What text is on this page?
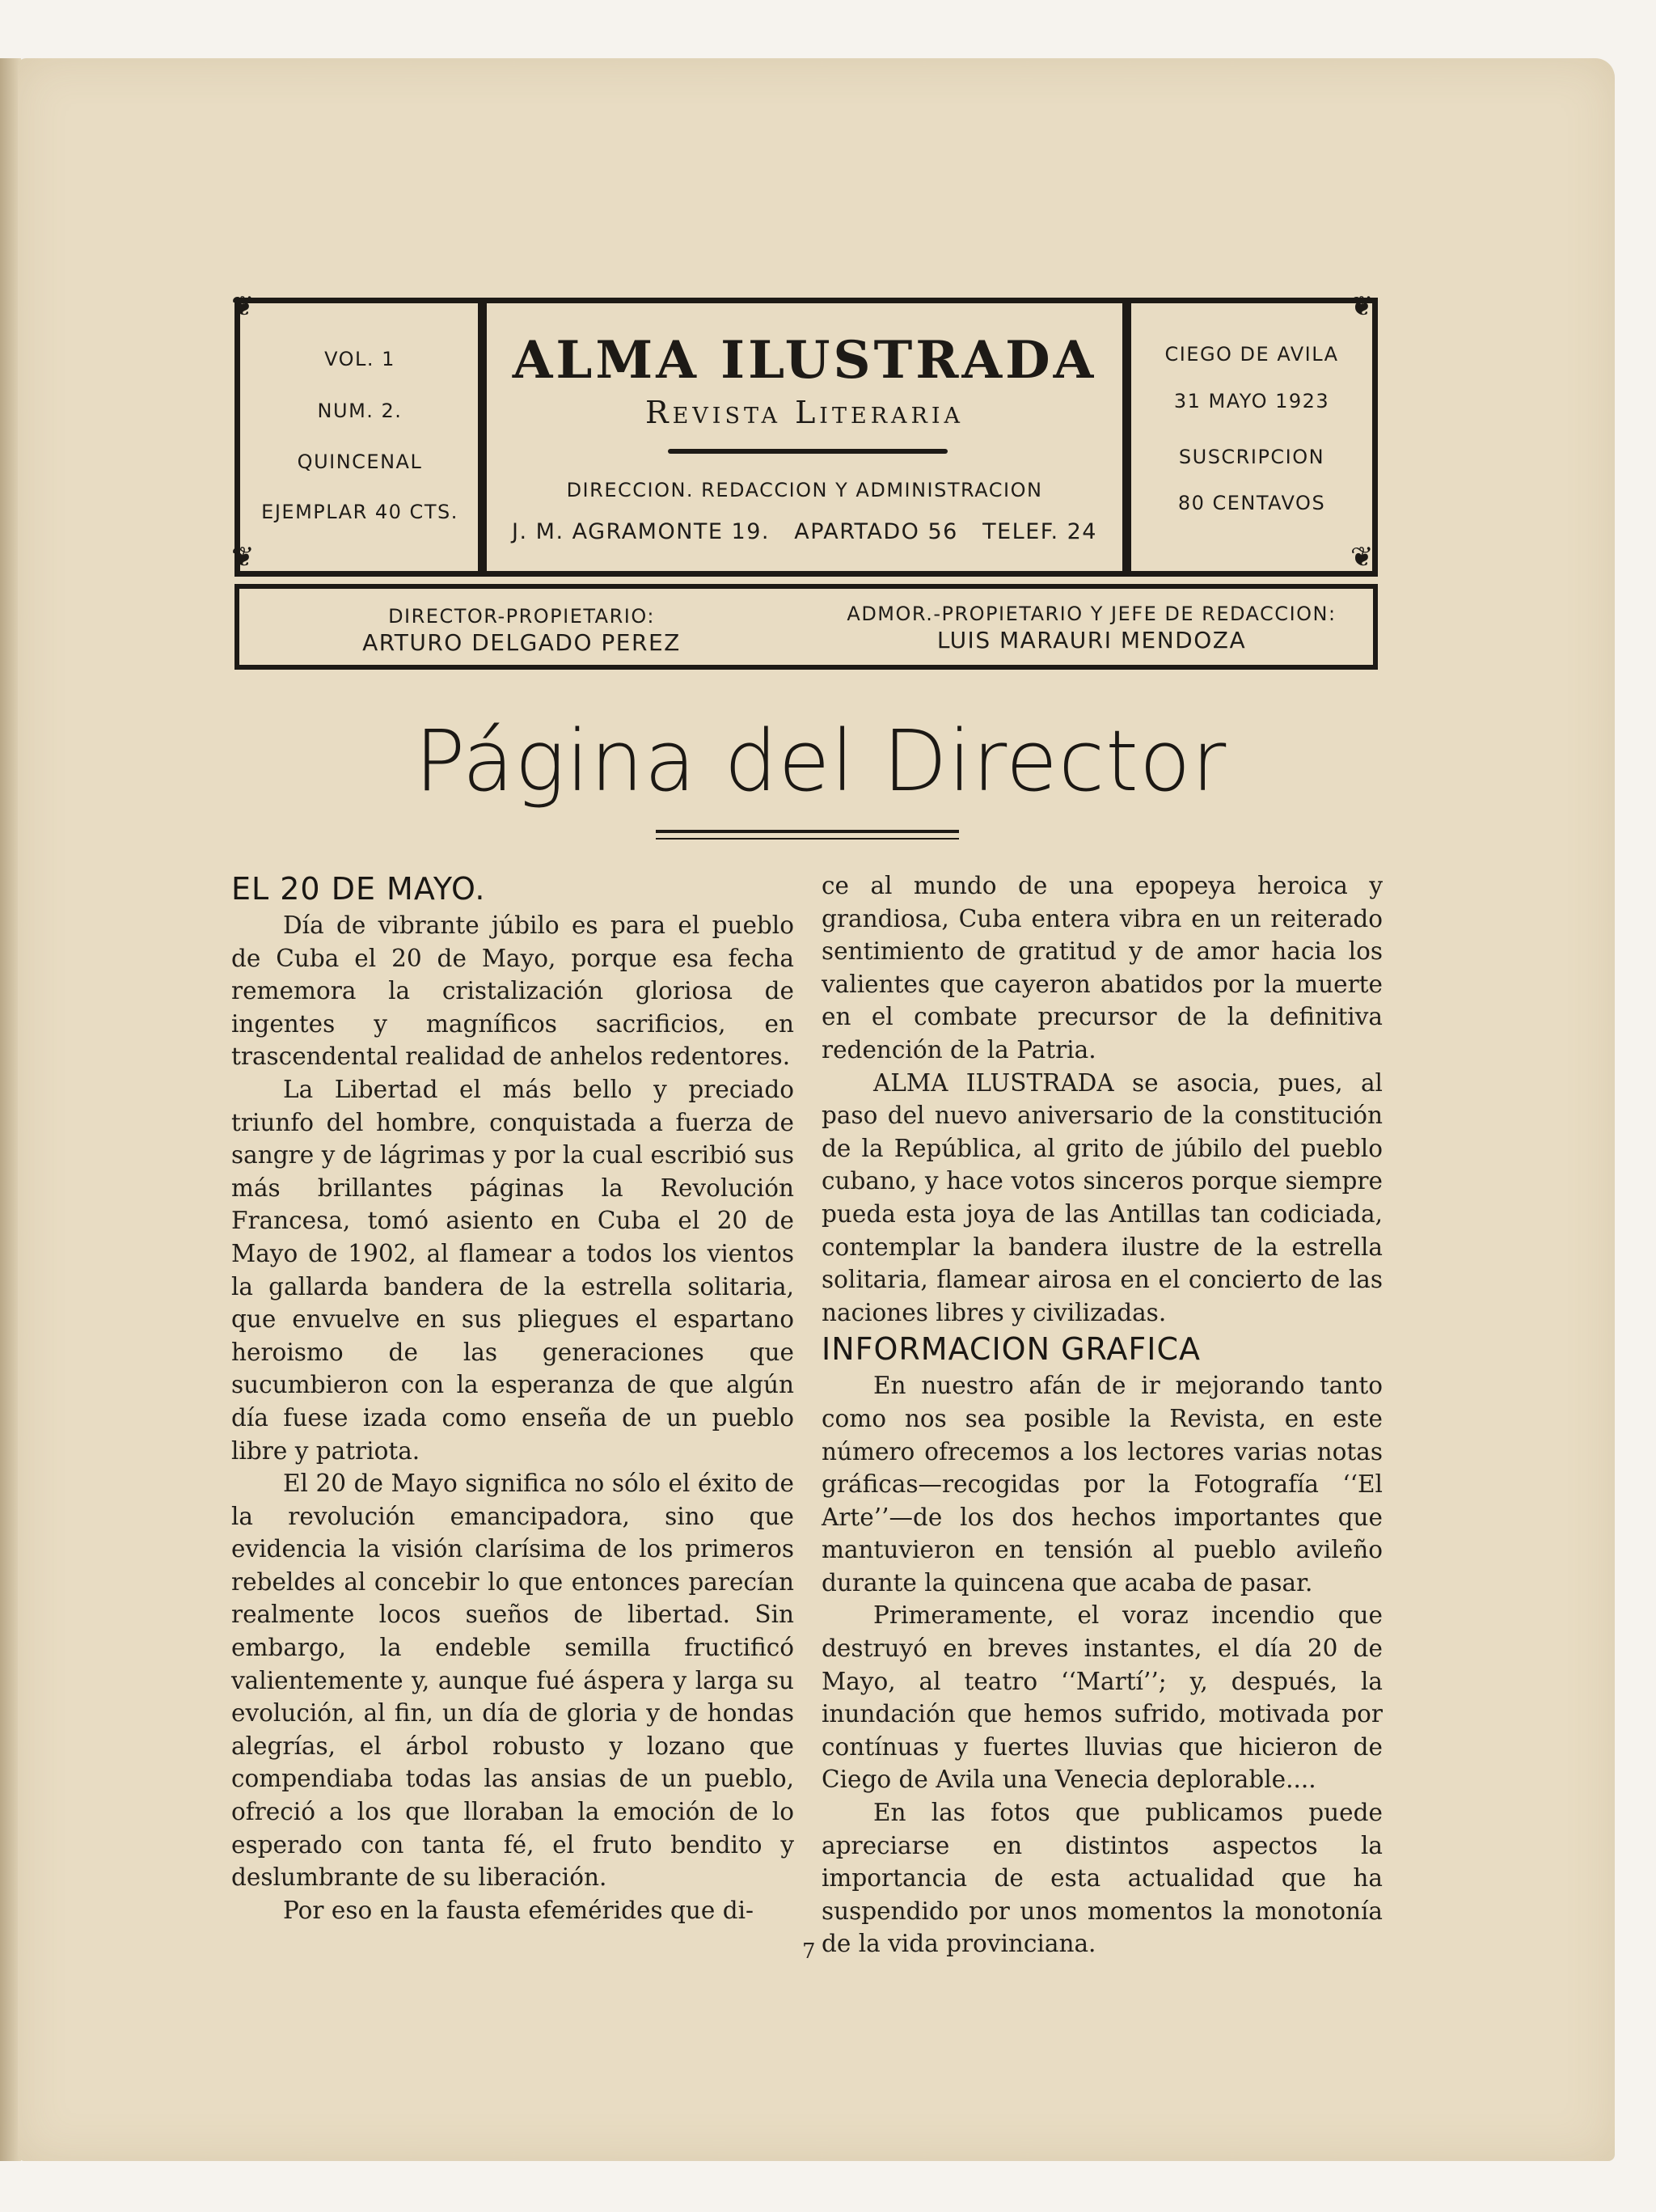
❦	❦
❦	❦
VOL. 1
NUM. 2.
QUINCENAL
EJEMPLAR 40 CTS.
ALMA ILUSTRADA
Revista Literaria
DIRECCION. REDACCION Y ADMINISTRACION
J. M. AGRAMONTE 19.   APARTADO 56   TELEF. 24
CIEGO DE AVILA
31 MAYO 1923
SUSCRIPCION
80 CENTAVOS
DIRECTOR-PROPIETARIO:
ARTURO DELGADO PEREZ
ADMOR.-PROPIETARIO Y JEFE DE REDACCION:
LUIS MARAURI MENDOZA
Página del Director
EL 20 DE MAYO.

Día de vibrante júbilo es para el pueblo de Cuba el 20 de Mayo, porque esa fecha rememora la cristalización gloriosa de ingentes y magníficos sacrificios, en trascendental realidad de anhelos redentores.

La Libertad el más bello y preciado triunfo del hombre, conquistada a fuerza de sangre y de lágrimas y por la cual escribió sus más brillantes páginas la Revolución Francesa, tomó asiento en Cuba el 20 de Mayo de 1902, al flamear a todos los vientos la gallarda bandera de la estrella solitaria, que envuelve en sus pliegues el espartano heroismo de las generaciones que sucumbieron con la esperanza de que algún día fuese izada como enseña de un pueblo libre y patriota.

El 20 de Mayo significa no sólo el éxito de la revolución emancipadora, sino que evidencia la visión clarísima de los primeros rebeldes al concebir lo que entonces parecían realmente locos sueños de libertad. Sin embargo, la endeble semilla fructificó valientemente y, aunque fué áspera y larga su evolución, al fin, un día de gloria y de hondas alegrías, el árbol robusto y lozano que compendiaba todas las ansias de un pueblo, ofreció a los que lloraban la emoción de lo esperado con tanta fé, el fruto bendito y deslumbrante de su liberación.

Por eso en la fausta efemérides que di-

ce al mundo de una epopeya heroica y grandiosa, Cuba entera vibra en un reiterado sentimiento de gratitud y de amor hacia los valientes que cayeron abatidos por la muerte en el combate precursor de la definitiva redención de la Patria.

ALMA ILUSTRADA se asocia, pues, al paso del nuevo aniversario de la constitución de la República, al grito de júbilo del pueblo cubano, y hace votos sinceros porque siempre pueda esta joya de las Antillas tan codiciada, contemplar la bandera ilustre de la estrella solitaria, flamear airosa en el concierto de las naciones libres y civilizadas.

INFORMACION GRAFICA

En nuestro afán de ir mejorando tanto como nos sea posible la Revista, en este número ofrecemos a los lectores varias notas gráficas—recogidas por la Fotografía ‘‘El Arte’’—de los dos hechos importantes que mantuvieron en tensión al pueblo avileño durante la quincena que acaba de pasar.

Primeramente, el voraz incendio que destruyó en breves instantes, el día 20 de Mayo, al teatro ‘‘Martí’’; y, después, la inundación que hemos sufrido, motivada por contínuas y fuertes lluvias que hicieron de Ciego de Avila una Venecia deplorable....

En las fotos que publicamos puede apreciarse en distintos aspectos la importancia de esta actualidad que ha suspendido por unos momentos la monotonía de la vida provinciana.

7
